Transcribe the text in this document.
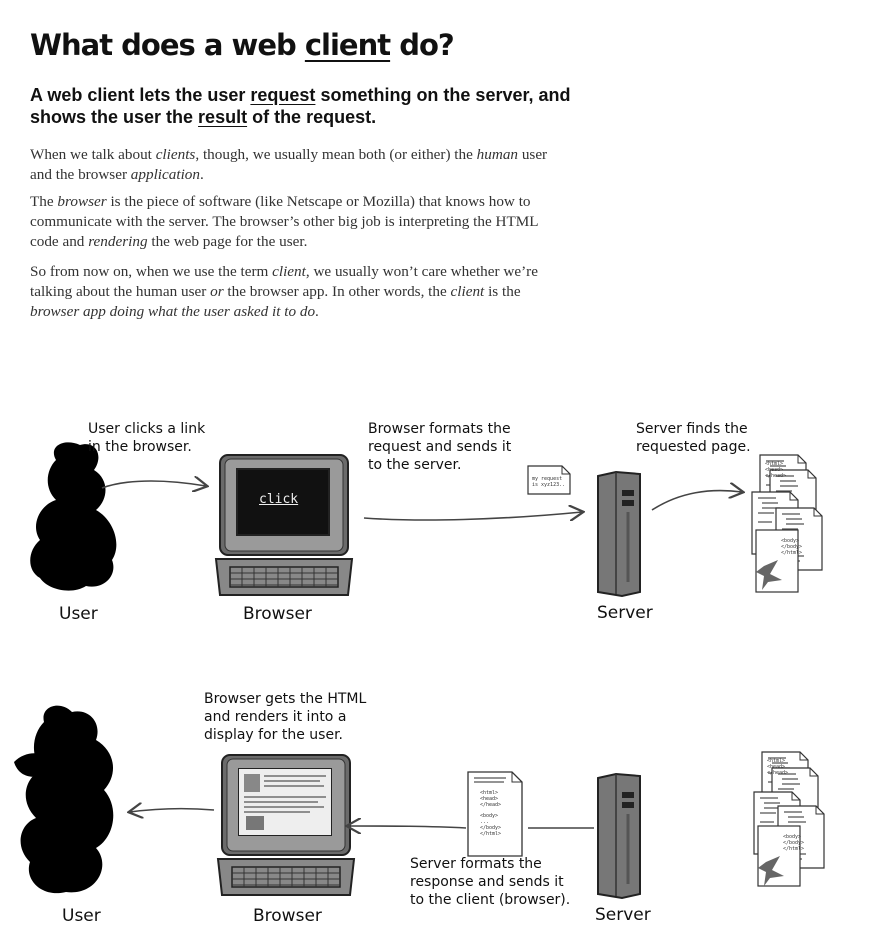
What does a web client do?

A web client lets the user request something on the server, and shows the user the result of the request.

When we talk about clients, though, we usually mean both (or either) the human user and the browser application.

The browser is the piece of software (like Netscape or Mozilla) that knows how to communicate with the server. The browser’s other big job is interpreting the HTML code and rendering the web page for the user.

So from now on, when we use the term client, we usually won’t care whether we’re talking about the human user or the browser app. In other words, the client is the browser app doing what the user asked it to do.

User clicks a link
in the browser.
Browser formats the
request and sends it
to the server.
Server finds the
requested page.
click
my request
is xyz123..
User	Browser	Server
<html>
<head>
</head>
<body>
</body>
</html>
Browser gets the HTML
and renders it into a
display for the user.
Server formats the
response and sends it
to the client (browser).
<html>
<head>
</head>
<body>
...
</body>
</html>
User	Browser	Server
<html>
<head>
</head>
<body>
</body>
</html>
